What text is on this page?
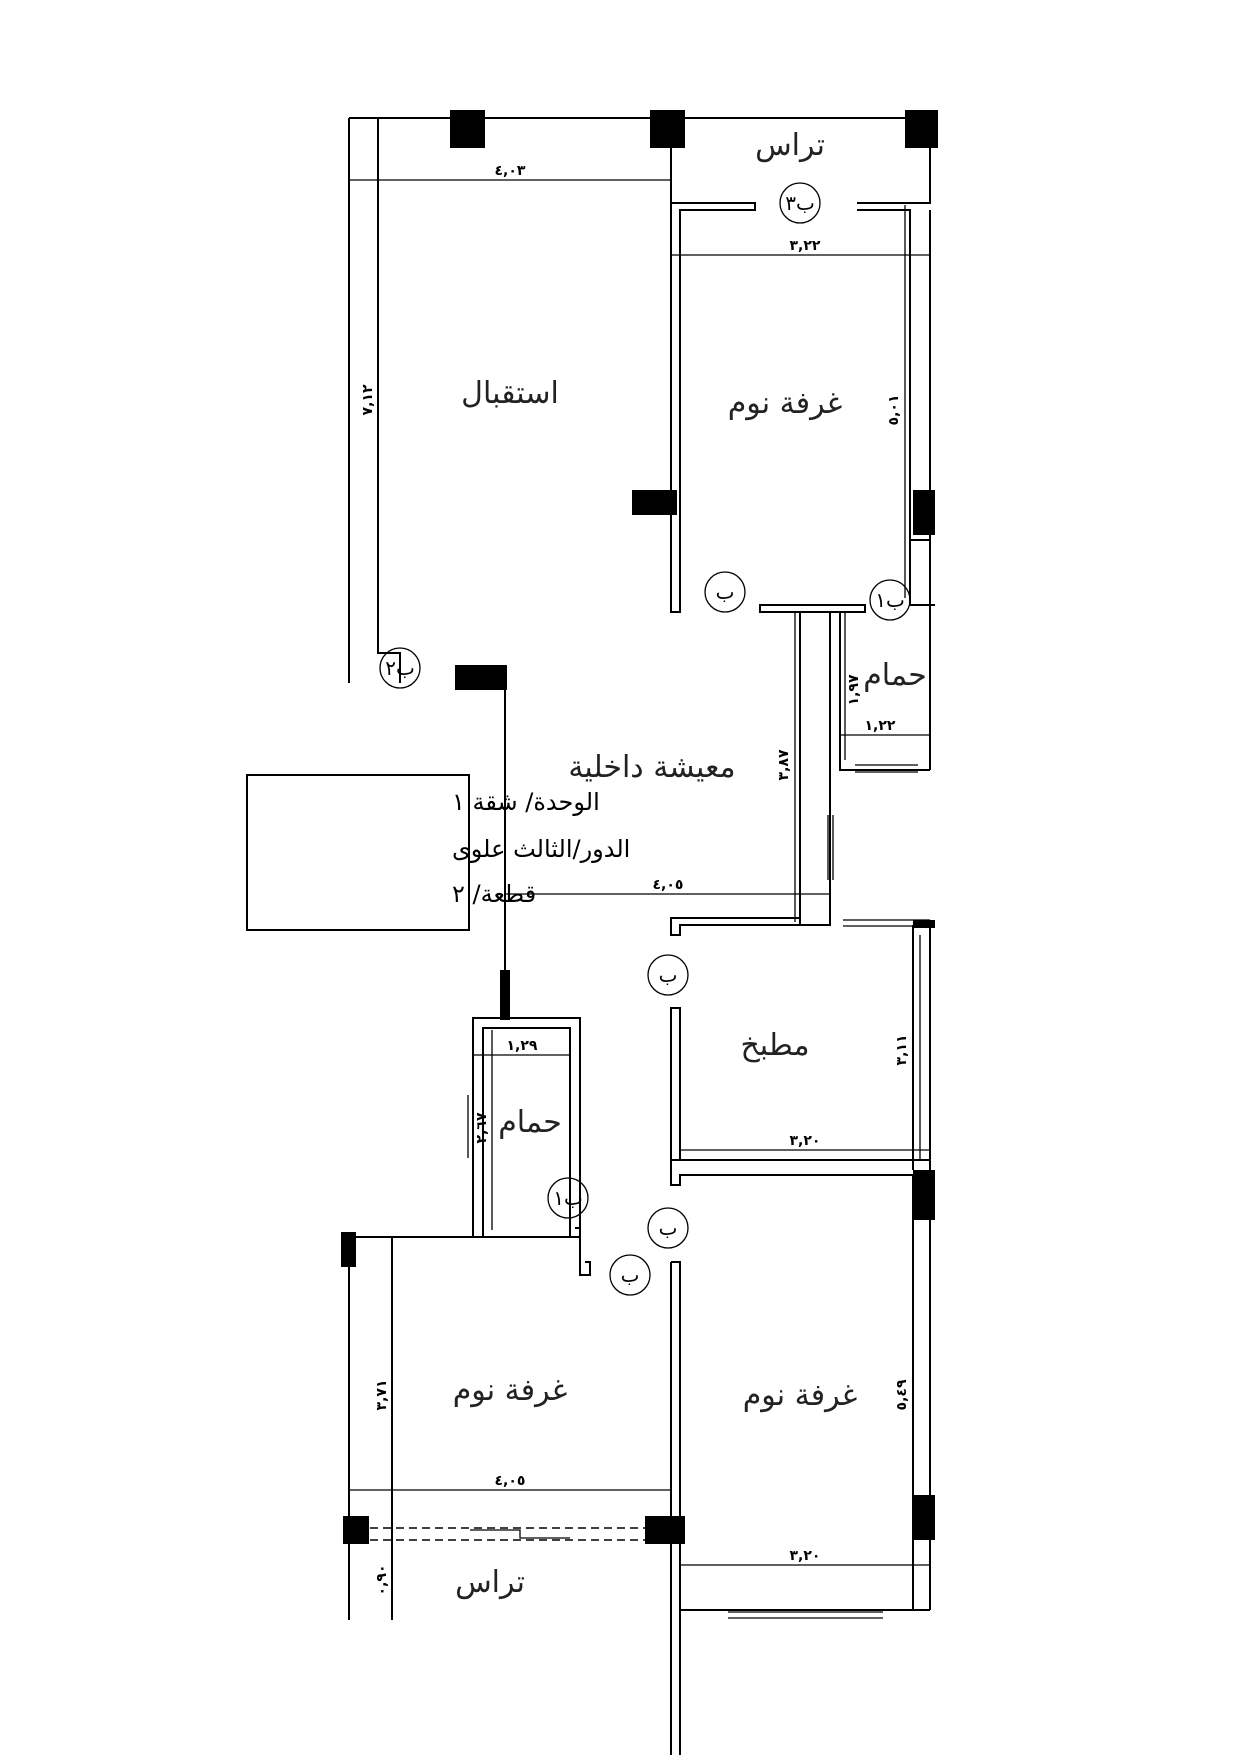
الوحدة/ شقة ١
الدور/الثالث علوى
قطعة/ ٢
استقبال	غرفة نوم
تراس
معيشة داخلية
حمام
مطبخ
حمام
غرفة نوم	غرفة نوم
تراس
٤,٠٣
٧,١٢
٣,٢٢
٥,٠١
١,٢٢
١,٩٧
٣,٨٧
٤,٠٥
٣,٢٠
٣,١١
١,٢٩
٢,٦٧
٤,٠٥
٣,٧١
٠,٩٠
٣,٢٠
٥,٤٩
ب٣
ب٢
ب	ب١
ب
ب١
ب
ب
